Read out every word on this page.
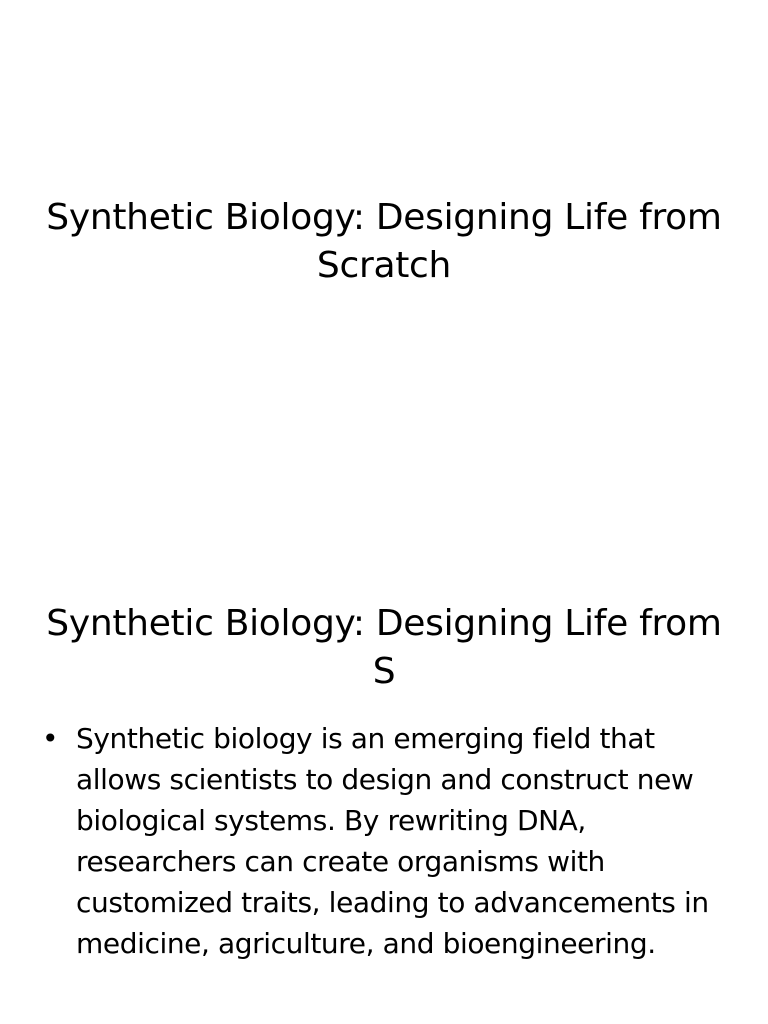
Synthetic Biology: Designing Life from Scratch
Synthetic Biology: Designing Life from S
• Synthetic biology is an emerging field that allows scientists to design and construct new biological systems. By rewriting DNA, researchers can create organisms with customized traits, leading to advancements in medicine, agriculture, and bioengineering.
